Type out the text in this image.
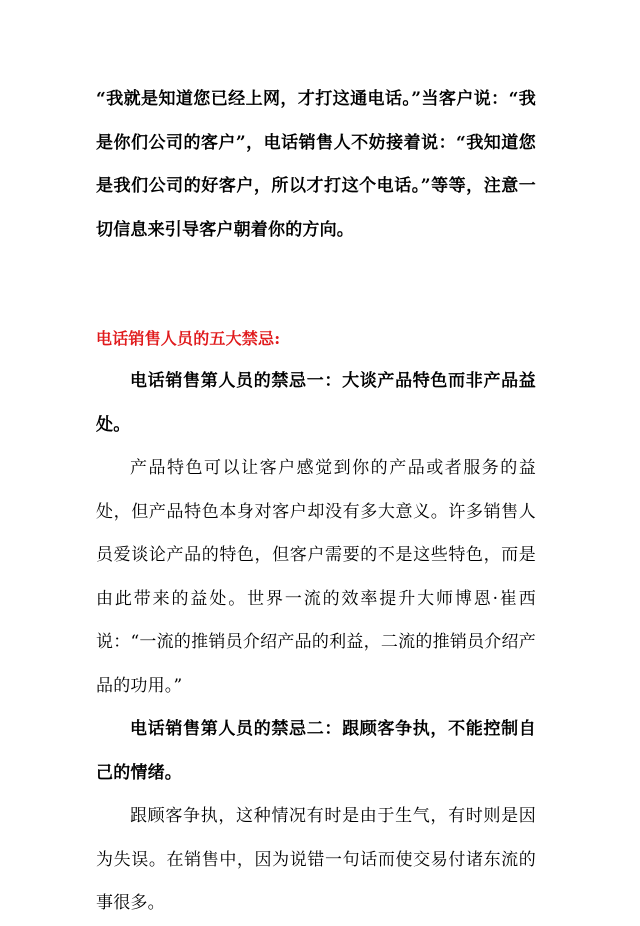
“我就是知道您已经上网，才打这通电话。”当客户说：“我是你们公司的客户”，电话销售人不妨接着说：“我知道您是我们公司的好客户，所以才打这个电话。”等等，注意一切信息来引导客户朝着你的方向。

电话销售人员的五大禁忌:

电话销售第人员的禁忌一：大谈产品特色而非产品益处。

产品特色可以让客户感觉到你的产品或者服务的益处，但产品特色本身对客户却没有多大意义。许多销售人员爱谈论产品的特色，但客户需要的不是这些特色，而是由此带来的益处。世界一流的效率提升大师博恩·崔西说：“一流的推销员介绍产品的利益，二流的推销员介绍产品的功用。”

电话销售第人员的禁忌二：跟顾客争执，不能控制自己的情绪。

跟顾客争执，这种情况有时是由于生气，有时则是因为失误。在销售中，因为说错一句话而使交易付诸东流的事很多。
